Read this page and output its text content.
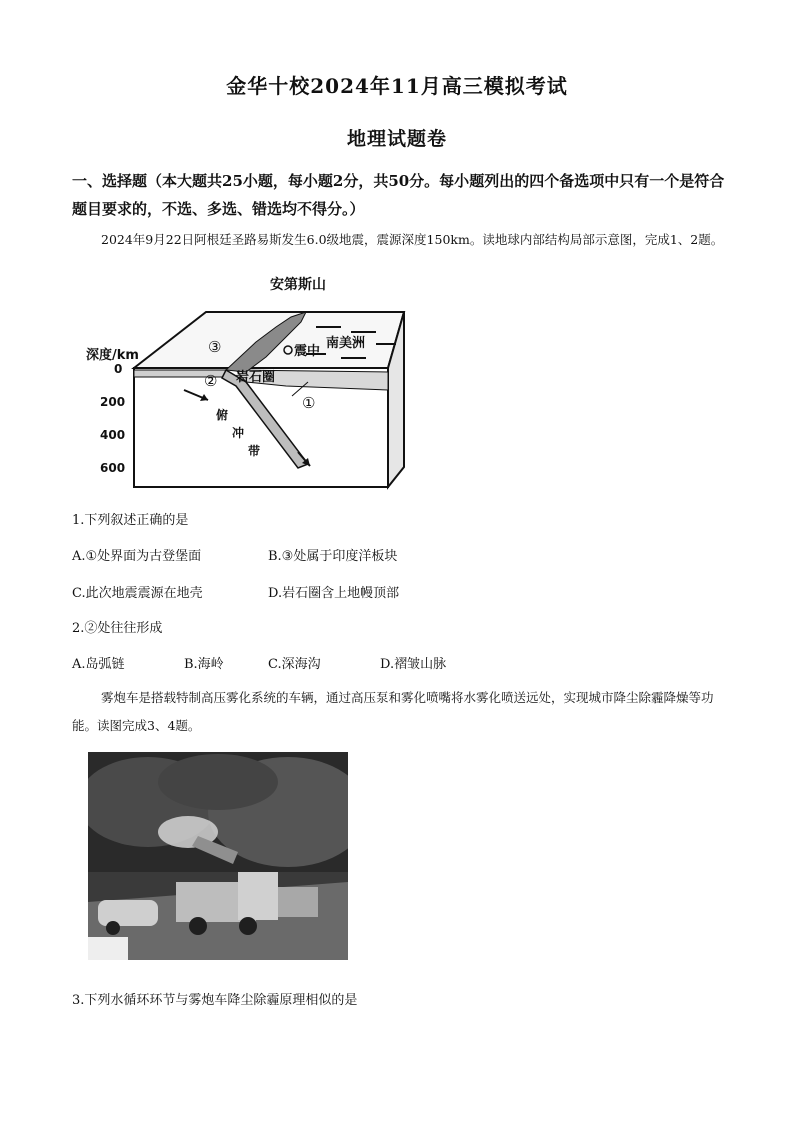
金华十校2024年11月高三模拟考试
地理试题卷
一、选择题（本大题共25小题，每小题2分，共50分。每小题列出的四个备选项中只有一个是符合题目要求的，不选、多选、错选均不得分。）
2024年9月22日阿根廷圣路易斯发生6.0级地震，震源深度150km。读地球内部结构局部示意图，完成1、2题。
安第斯山
深度/km
0
200
400
600
震中
南美洲
岩石圈
俯
冲
带
①
②
③
1.下列叙述正确的是
A.①处界面为古登堡面	B.③处属于印度洋板块
C.此次地震震源在地壳	D.岩石圈含上地幔顶部
2.②处往往形成
A.岛弧链	B.海岭	C.深海沟	D.褶皱山脉
雾炮车是搭载特制高压雾化系统的车辆，通过高压泵和雾化喷嘴将水雾化喷送远处，实现城市降尘除霾降燥等功能。读图完成3、4题。
3.下列水循环环节与雾炮车降尘除霾原理相似的是
